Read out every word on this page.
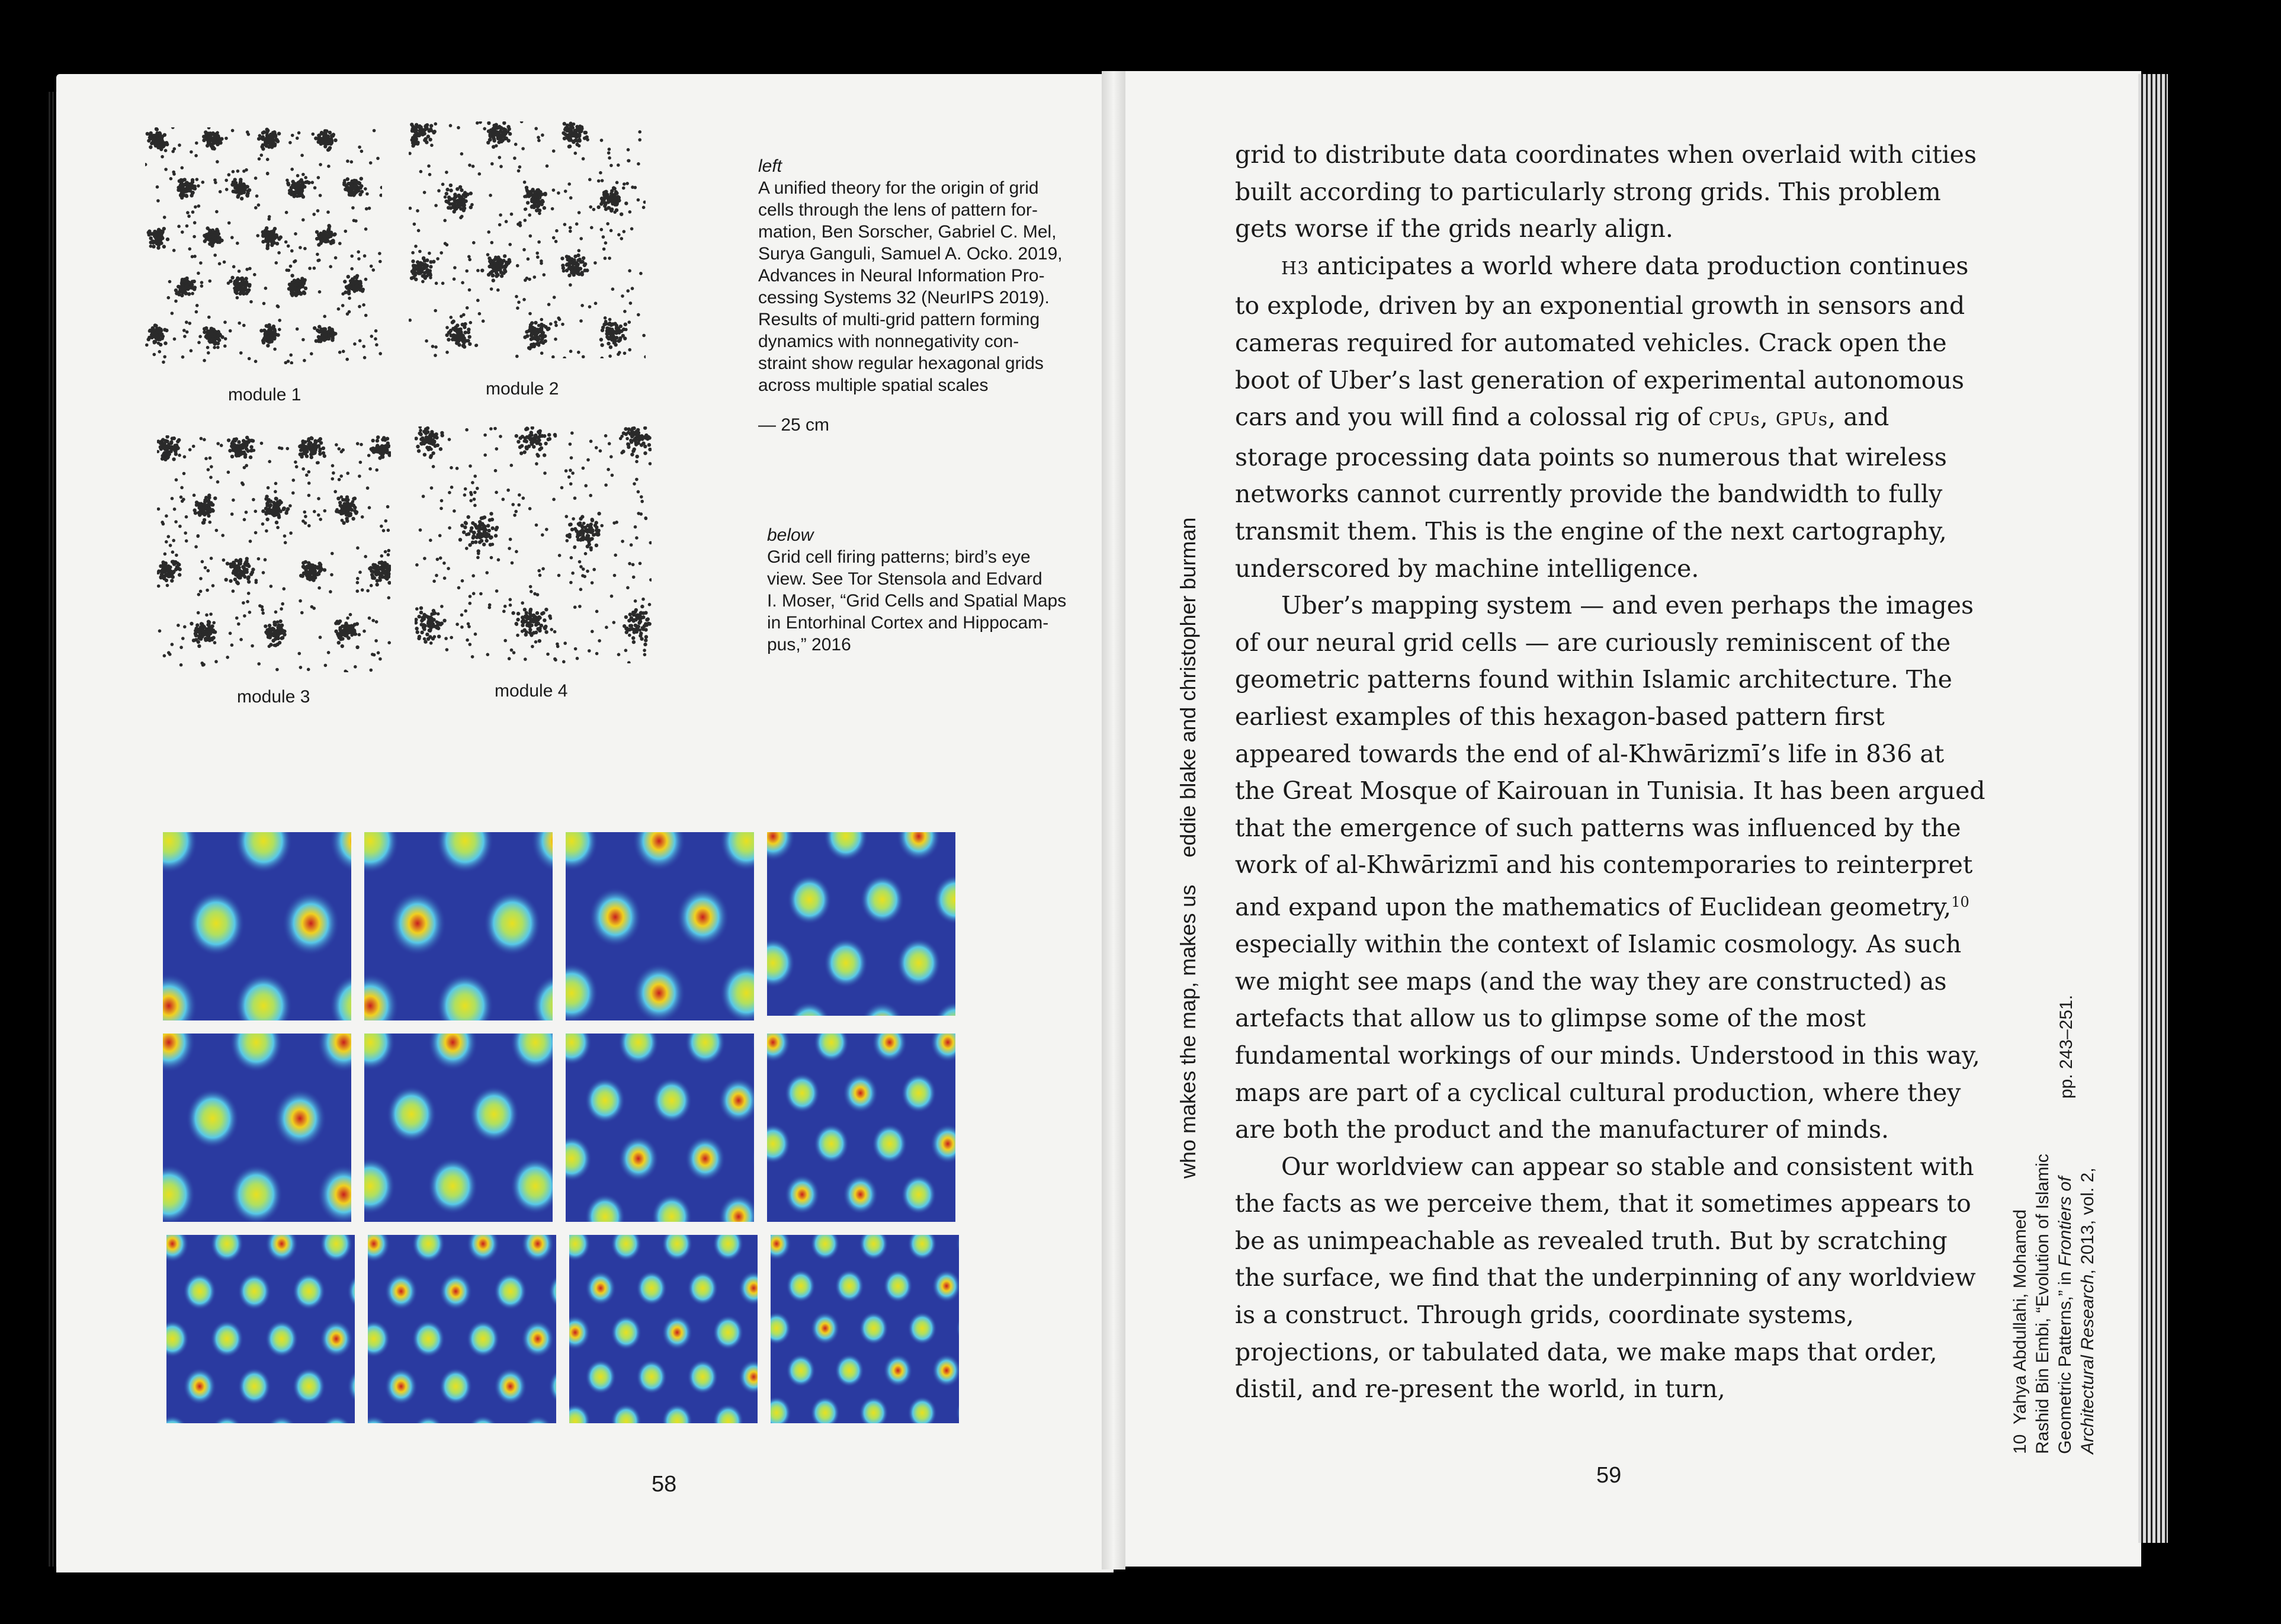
module 1	module 2
module 3	module 4
left
A unified theory for the origin of grid
cells through the lens of pattern for-
mation, Ben Sorscher, Gabriel C. Mel,
Surya Ganguli, Samuel A. Ocko. 2019,
Advances in Neural Information Pro-
cessing Systems 32 (NeurIPS 2019).
Results of multi-grid pattern forming
dynamics with nonnegativity con-
straint show regular hexagonal grids
across multiple spatial scales
— 25 cm
below
Grid cell firing patterns; bird’s eye
view. See Tor Stensola and Edvard
I. Moser, “Grid Cells and Spatial Maps
in Entorhinal Cortex and Hippocam-
pus,” 2016
58
who makes the map, makes useddie blake and christopher burman

grid to distribute data coordinates when overlaid with cities built according to particularly strong grids. This problem gets worse if the grids nearly align.

H3 anticipates a world where data production continues to explode, driven by an exponential growth in sensors and cameras required for automated vehicles. Crack open the boot of Uber’s last generation of experimental autonomous cars and you will find a colossal rig of CPUs, GPUs, and storage processing data points so numerous that wireless networks cannot currently provide the bandwidth to fully transmit them. This is the engine of the next cartography, underscored by machine intelligence.

Uber’s mapping system — and even perhaps the images of our neural grid cells — are curiously reminiscent of the geometric patterns found within Islamic architecture. The earliest examples of this hexagon-based pattern first appeared towards the end of al-Khwārizmī’s life in 836 at the Great Mosque of Kairouan in Tunisia. It has been argued that the emergence of such patterns was influenced by the work of al-Khwārizmī and his contemporaries to reinterpret and expand upon the mathematics of Euclidean geometry,$^{10}$ especially within the context of Islamic cosmology. As such we might see maps (and the way they are constructed) as artefacts that allow us to glimpse some of the most fundamental workings of our minds. Understood in this way, maps are part of a cyclical cultural production, where they are both the product and the manufacturer of minds.

Our worldview can appear so stable and consistent with the facts as we perceive them, that it sometimes appears to be as unimpeachable as revealed truth. But by scratching the surface, we find that the underpinning of any worldview is a construct. Through grids, coordinate systems, projections, or tabulated data, we make maps that order, distil, and re-present the world, in turn,

59
10  Yahya Abdullahi, Mohamed Rashid Bin Embi, “Evolution of Islamic Geometric Patterns,” in Frontiers of
Architectural Research, 2013, vol. 2,
pp. 243–251.
